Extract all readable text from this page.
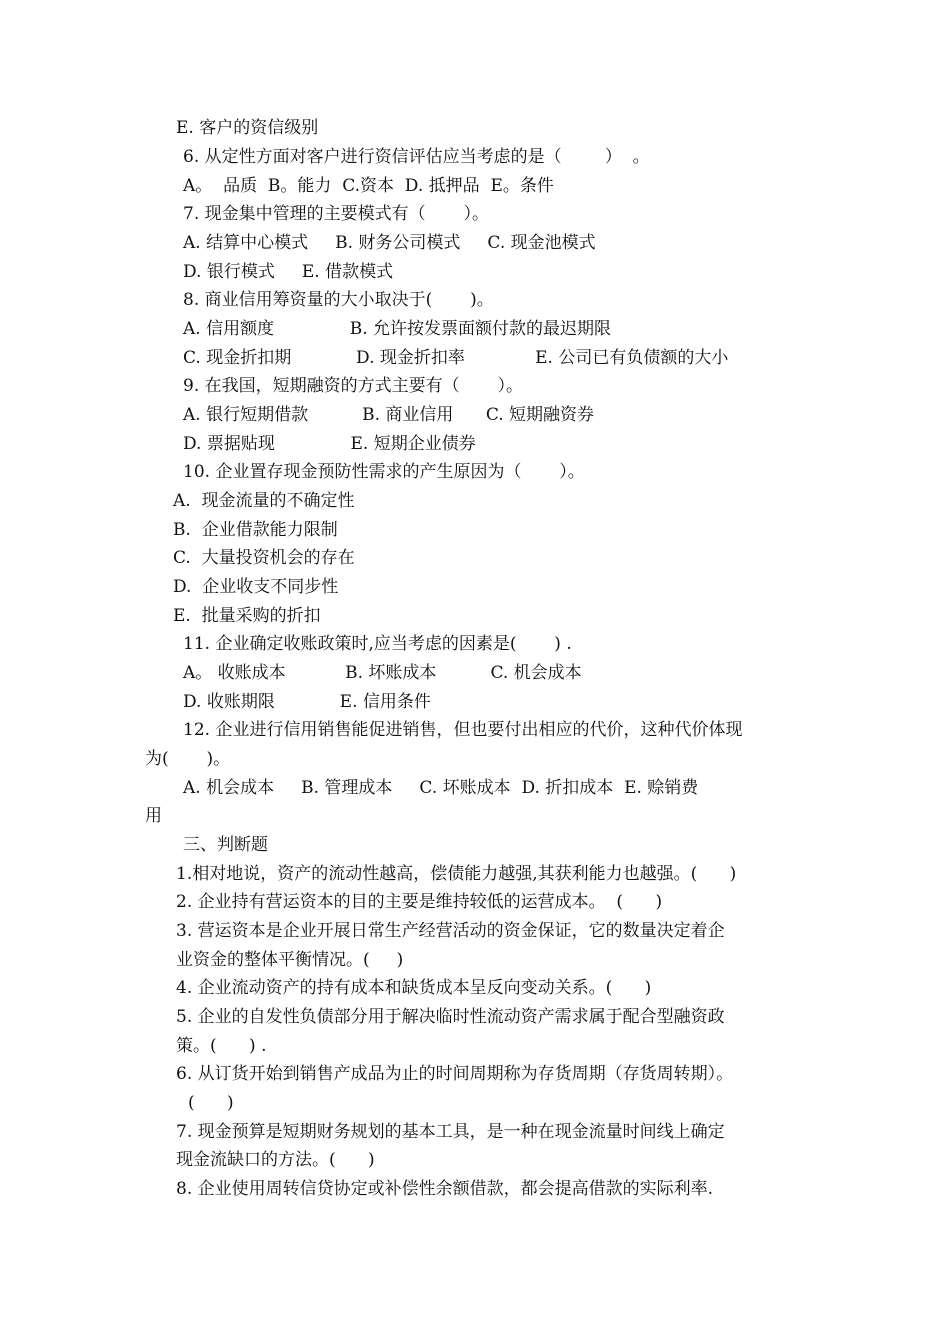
E. 客户的资信级别
6. 从定性方面对客户进行资信评估应当考虑的是（        ）  。
A。  品质  B。能力  C.资本  D. 抵押品  E。条件
7. 现金集中管理的主要模式有（       ）。
A. 结算中心模式     B. 财务公司模式     C. 现金池模式
D. 银行模式     E. 借款模式
8. 商业信用筹资量的大小取决于(       )。
A. 信用额度              B. 允许按发票面额付款的最迟期限
C. 现金折扣期            D. 现金折扣率             E. 公司已有负债额的大小
9. 在我国，短期融资的方式主要有（       ）。
A. 银行短期借款          B. 商业信用      C. 短期融资券
D. 票据贴现              E. 短期企业债券
10. 企业置存现金预防性需求的产生原因为（       ）。
A.  现金流量的不确定性
B.  企业借款能力限制
C.  大量投资机会的存在
D.  企业收支不同步性
E.  批量采购的折扣
11. 企业确定收账政策时,应当考虑的因素是(       ) .
A。 收账成本           B. 坏账成本          C. 机会成本
D. 收账期限            E. 信用条件
12. 企业进行信用销售能促进销售，但也要付出相应的代价，这种代价体现
为(       )。
A. 机会成本     B. 管理成本     C. 坏账成本  D. 折扣成本  E. 赊销费
用
三、判断题
1.相对地说，资产的流动性越高，偿债能力越强,其获利能力也越强。(      )
2. 企业持有营运资本的目的主要是维持较低的运营成本。  (      )
3. 营运资本是企业开展日常生产经营活动的资金保证，它的数量决定着企
业资金的整体平衡情况。(     )
4. 企业流动资产的持有成本和缺货成本呈反向变动关系。(      )
5. 企业的自发性负债部分用于解决临时性流动资产需求属于配合型融资政
策。(      ) .
6. 从订货开始到销售产成品为止的时间周期称为存货周期（存货周转期）。
(      )
7. 现金预算是短期财务规划的基本工具，是一种在现金流量时间线上确定
现金流缺口的方法。(      )
8. 企业使用周转信贷协定或补偿性余额借款，都会提高借款的实际利率.
